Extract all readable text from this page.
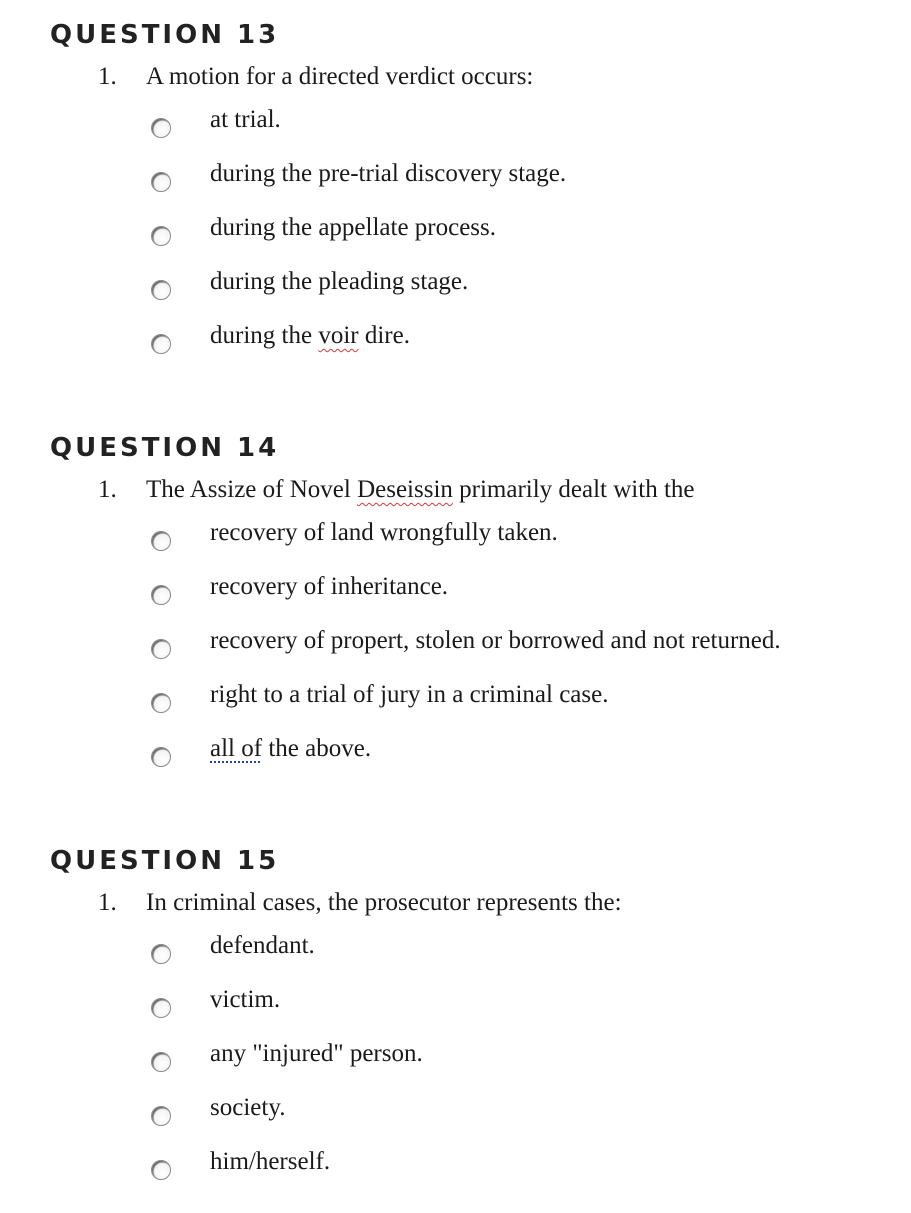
QUESTION 13
1. A motion for a directed verdict occurs:
at trial.
during the pre-trial discovery stage.
during the appellate process.
during the pleading stage.
during the voir dire.
QUESTION 14
1. The Assize of Novel Deseissin primarily dealt with the
recovery of land wrongfully taken.
recovery of inheritance.
recovery of propert, stolen or borrowed and not returned.
right to a trial of jury in a criminal case.
all of the above.
QUESTION 15
1. In criminal cases, the prosecutor represents the:
defendant.
victim.
any "injured" person.
society.
him/herself.
